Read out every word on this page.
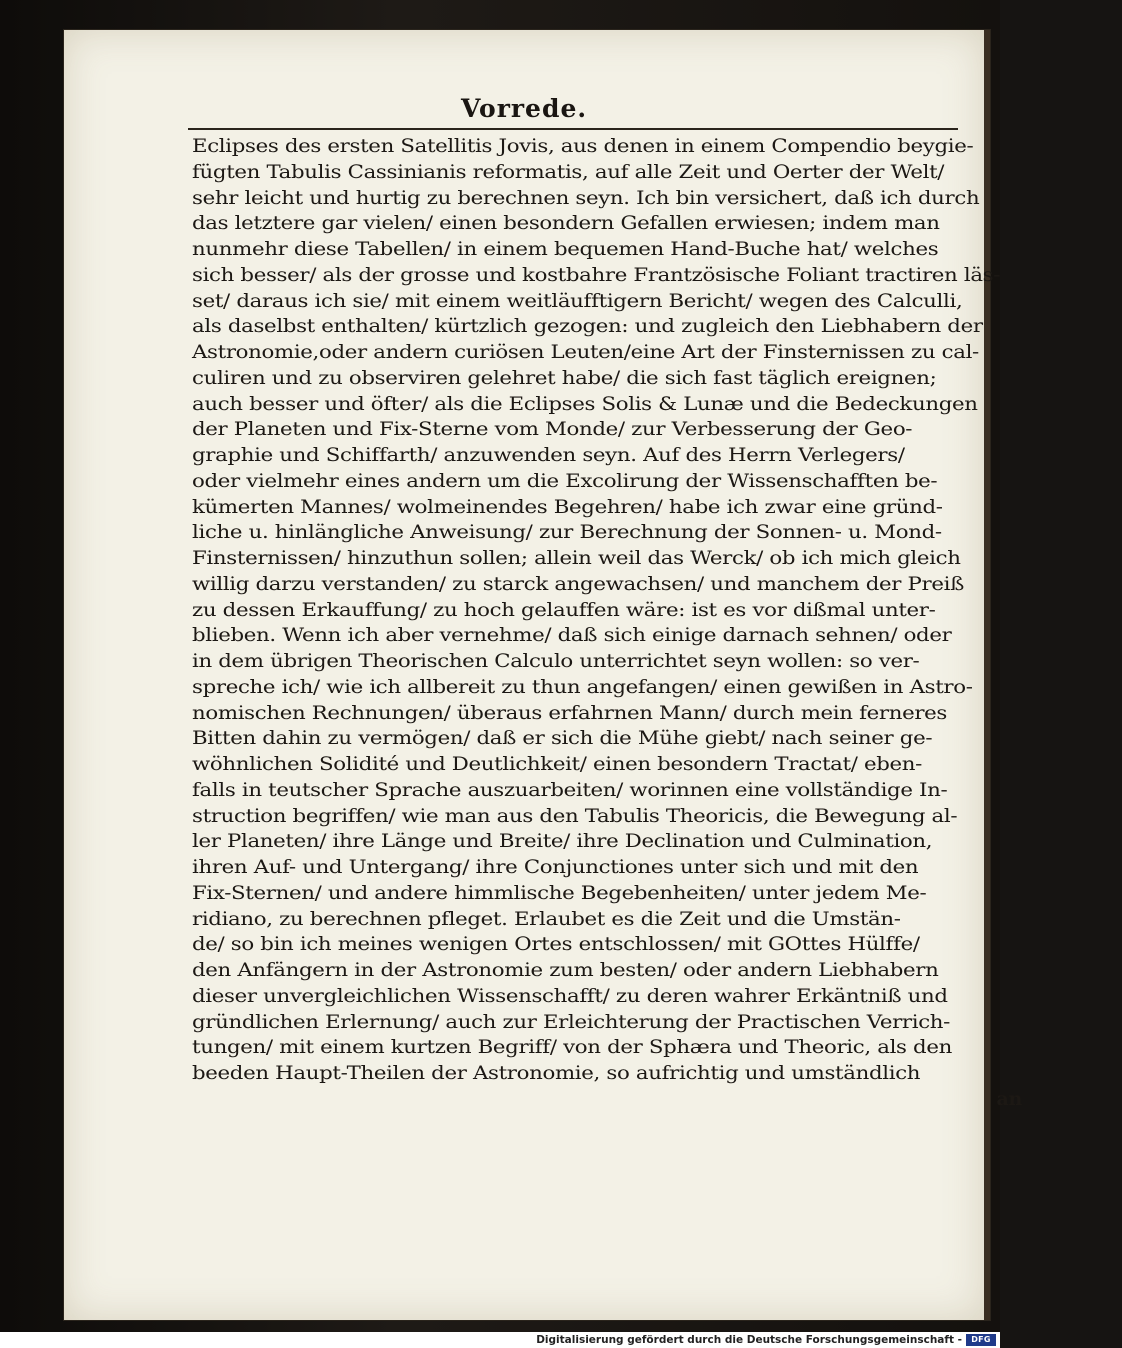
Vorrede.
Eclipses des ersten Satellitis Jovis, aus denen in einem Compendio beygie-
fügten Tabulis Cassinianis reformatis, auf alle Zeit und Oerter der Welt/
sehr leicht und hurtig zu berechnen seyn. Ich bin versichert, daß ich durch
das letztere gar vielen/ einen besondern Gefallen erwiesen; indem man
nunmehr diese Tabellen/ in einem bequemen Hand-Buche hat/ welches
sich besser/ als der grosse und kostbahre Frantzösische Foliant tractiren läs-
set/ daraus ich sie/ mit einem weitläufftigern Bericht/ wegen des Calculli,
als daselbst enthalten/ kürtzlich gezogen: und zugleich den Liebhabern der
Astronomie,oder andern curiösen Leuten/eine Art der Finsternissen zu cal-
culiren und zu observiren gelehret habe/ die sich fast täglich ereignen;
auch besser und öfter/ als die Eclipses Solis & Lunæ und die Bedeckungen
der Planeten und Fix-Sterne vom Monde/ zur Verbesserung der Geo-
graphie und Schiffarth/ anzuwenden seyn. Auf des Herrn Verlegers/
oder vielmehr eines andern um die Excolirung der Wissenschafften be-
kümerten Mannes/ wolmeinendes Begehren/ habe ich zwar eine gründ-
liche u. hinlängliche Anweisung/ zur Berechnung der Sonnen- u. Mond-
Finsternissen/ hinzuthun sollen; allein weil das Werck/ ob ich mich gleich
willig darzu verstanden/ zu starck angewachsen/ und manchem der Preiß
zu dessen Erkauffung/ zu hoch gelauffen wäre: ist es vor dißmal unter-
blieben. Wenn ich aber vernehme/ daß sich einige darnach sehnen/ oder
in dem übrigen Theorischen Calculo unterrichtet seyn wollen: so ver-
spreche ich/ wie ich allbereit zu thun angefangen/ einen gewißen in Astro-
nomischen Rechnungen/ überaus erfahrnen Mann/ durch mein ferneres
Bitten dahin zu vermögen/ daß er sich die Mühe giebt/ nach seiner ge-
wöhnlichen Solidité und Deutlichkeit/ einen besondern Tractat/ eben-
falls in teutscher Sprache auszuarbeiten/ worinnen eine vollständige In-
struction begriffen/ wie man aus den Tabulis Theoricis, die Bewegung al-
ler Planeten/ ihre Länge und Breite/ ihre Declination und Culmination,
ihren Auf- und Untergang/ ihre Conjunctiones unter sich und mit den
Fix-Sternen/ und andere himmlische Begebenheiten/ unter jedem Me-
ridiano, zu berechnen pfleget. Erlaubet es die Zeit und die Umstän-
de/ so bin ich meines wenigen Ortes entschlossen/ mit GOttes Hülffe/
den Anfängern in der Astronomie zum besten/ oder andern Liebhabern
dieser unvergleichlichen Wissenschafft/ zu deren wahrer Erkäntniß und
gründlichen Erlernung/ auch zur Erleichterung der Practischen Verrich-
tungen/ mit einem kurtzen Begriff/ von der Sphæra und Theoric, als den
beeden Haupt-Theilen der Astronomie, so aufrichtig und umständlich
an
Digitalisierung gefördert durch die Deutsche Forschungsgemeinschaft -	DFG
